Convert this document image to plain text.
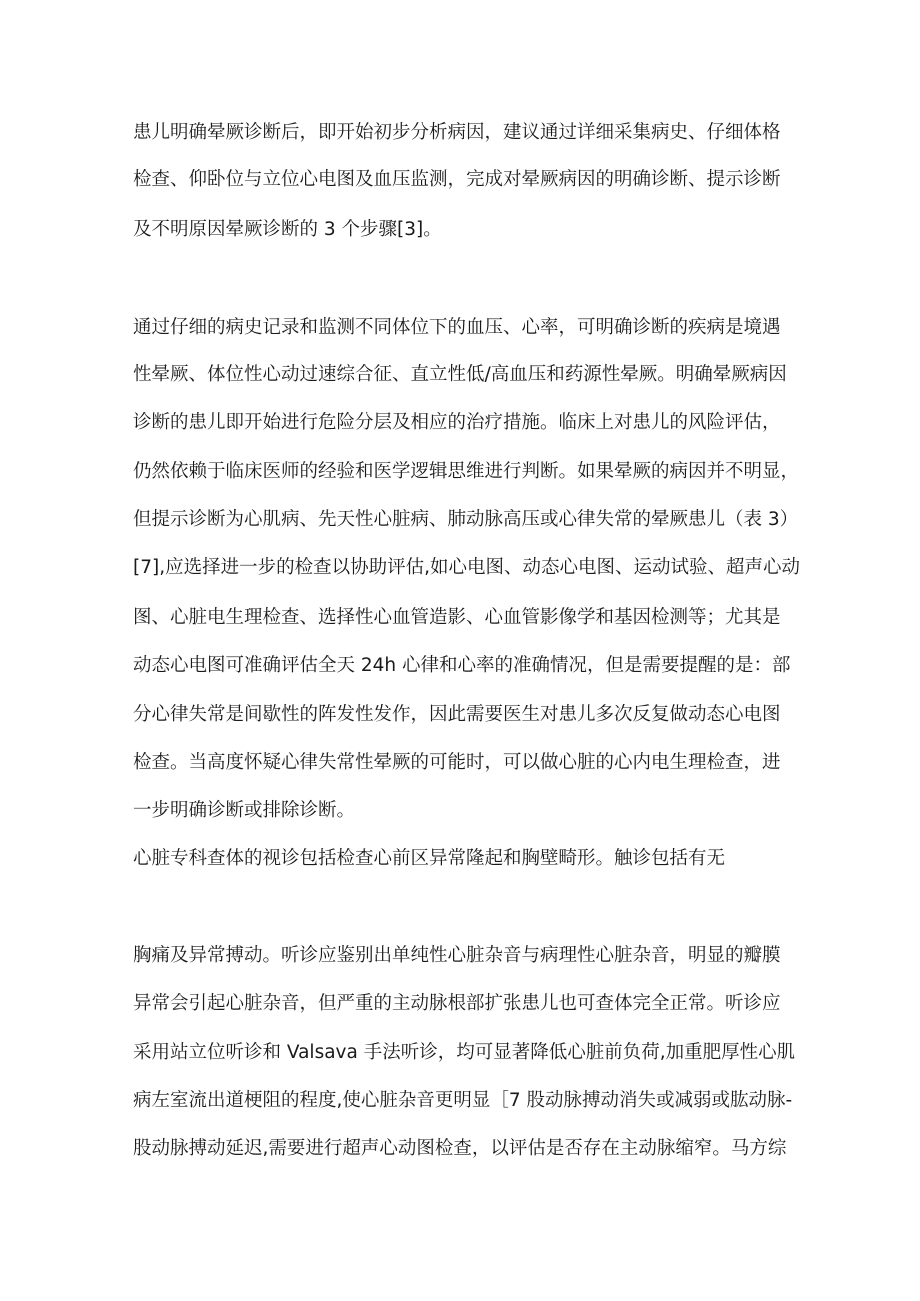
患儿明确晕厥诊断后，即开始初步分析病因，建议通过详细采集病史、仔细体格
检查、仰卧位与立位心电图及血压监测，完成对晕厥病因的明确诊断、提示诊断
及不明原因晕厥诊断的 3 个步骤[3]。
通过仔细的病史记录和监测不同体位下的血压、心率，可明确诊断的疾病是境遇
性晕厥、体位性心动过速综合征、直立性低/高血压和药源性晕厥。明确晕厥病因
诊断的患儿即开始进行危险分层及相应的治疗措施。临床上对患儿的风险评估，
仍然依赖于临床医师的经验和医学逻辑思维进行判断。如果晕厥的病因并不明显，
但提示诊断为心肌病、先天性心脏病、肺动脉高压或心律失常的晕厥患儿（表 3）
[7],应选择进一步的检查以协助评估,如心电图、动态心电图、运动试验、超声心动
图、心脏电生理检查、选择性心血管造影、心血管影像学和基因检测等；尤其是
动态心电图可准确评估全天 24h 心律和心率的准确情况，但是需要提醒的是：部
分心律失常是间歇性的阵发性发作，因此需要医生对患儿多次反复做动态心电图
检查。当高度怀疑心律失常性晕厥的可能时，可以做心脏的心内电生理检查，进
一步明确诊断或排除诊断。
心脏专科查体的视诊包括检查心前区异常隆起和胸壁畸形。触诊包括有无
胸痛及异常搏动。听诊应鉴别出单纯性心脏杂音与病理性心脏杂音，明显的瓣膜
异常会引起心脏杂音，但严重的主动脉根部扩张患儿也可查体完全正常。听诊应
采用站立位听诊和 Valsava 手法听诊，均可显著降低心脏前负荷,加重肥厚性心肌
病左室流出道梗阻的程度,使心脏杂音更明显［7 股动脉搏动消失或减弱或肱动脉-
股动脉搏动延迟,需要进行超声心动图检查，以评估是否存在主动脉缩窄。马方综
